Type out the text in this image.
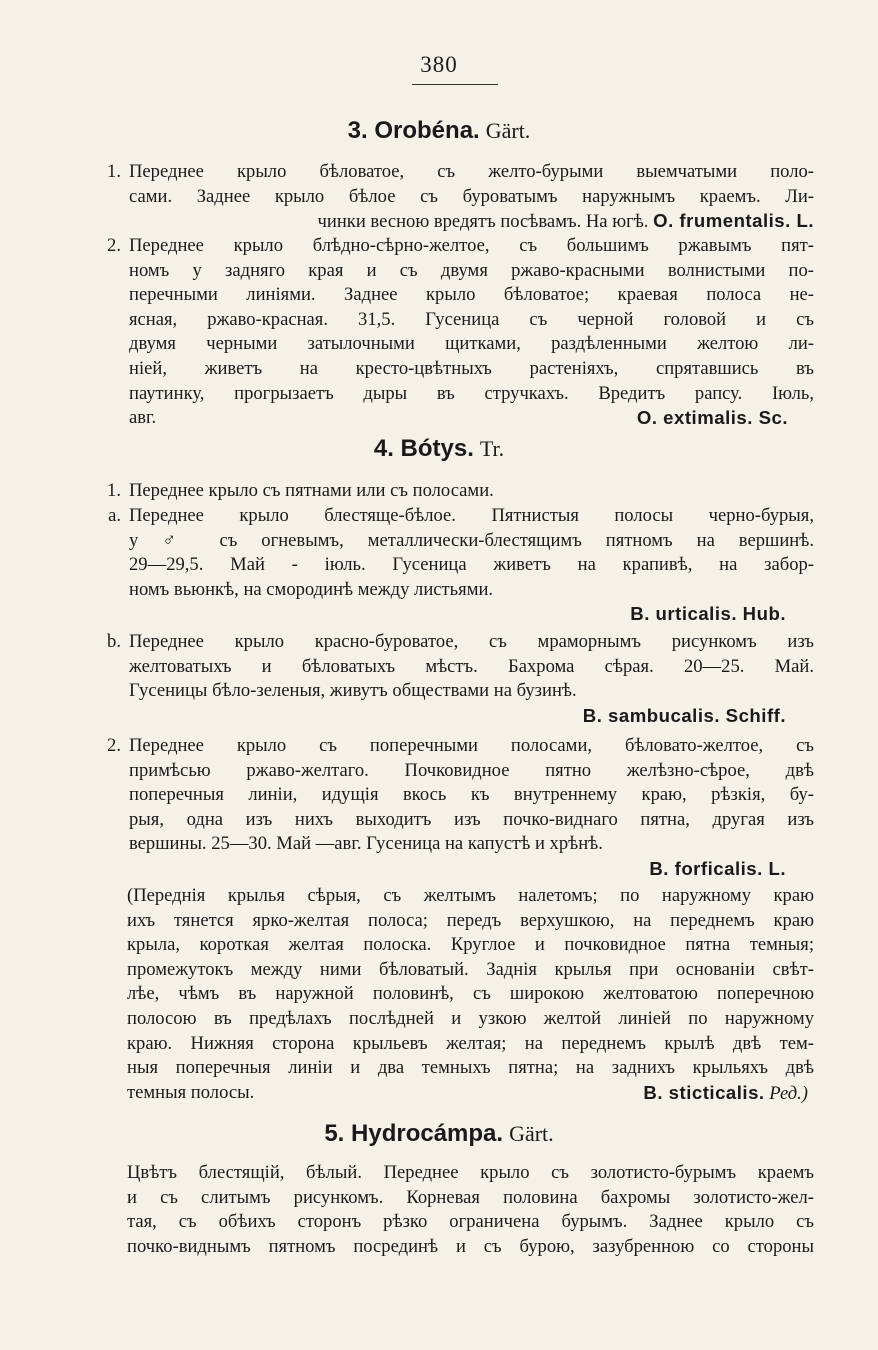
380
3. Orobéna. Gärt.
1. Переднее крыло бѣловатое, съ желто-бурыми выемчатыми поло-
сами. Заднее крыло бѣлое съ буроватымъ наружнымъ краемъ. Ли-
чинки весною вредятъ посѣвамъ. На югѣ. O. frumentalis. L.
2. Переднее крыло блѣдно-сѣрно-желтое, съ большимъ ржавымъ пят-
номъ у задняго края и съ двумя ржаво-красными волнистыми по-
перечными линіями. Заднее крыло бѣловатое; краевая полоса не-
ясная, ржаво-красная. 31,5. Гусеница съ черной головой и съ
двумя черными затылочными щитками, раздѣленными желтою ли-
ніей, живетъ на кресто-цвѣтныхъ растеніяхъ, спрятавшись въ
паутинку, прогрызаетъ дыры въ стручкахъ. Вредитъ рапсу. Іюль,
авг.	O. extimalis. Sc.
4. Bótys. Tr.
1. Переднее крыло съ пятнами или съ полосами.
a. Переднее крыло блестяще-бѣлое. Пятнистыя полосы черно-бурыя,
у ♂ съ огневымъ, металлически-блестящимъ пятномъ на вершинѣ.
29—29,5. Май - іюль. Гусеница живетъ на крапивѣ, на забор-
номъ вьюнкѣ, на смородинѣ между листьями.
B. urticalis. Hub.
b. Переднее крыло красно-буроватое, съ мраморнымъ рисункомъ изъ
желтоватыхъ и бѣловатыхъ мѣстъ. Бахрома сѣрая. 20—25. Май.
Гусеницы бѣло-зеленыя, живутъ обществами на бузинѣ.
B. sambucalis. Schiff.
2. Переднее крыло съ поперечными полосами, бѣловато-желтое, съ
примѣсью ржаво-желтаго. Почковидное пятно желѣзно-сѣрое, двѣ
поперечныя линіи, идущія вкось къ внутреннему краю, рѣзкія, бу-
рыя, одна изъ нихъ выходитъ изъ почко-виднаго пятна, другая изъ
вершины. 25—30. Май —авг. Гусеница на капустѣ и хрѣнѣ.
B. forficalis. L.
(Переднія крылья сѣрыя, съ желтымъ налетомъ; по наружному краю
ихъ тянется ярко-желтая полоса; передъ верхушкою, на переднемъ краю
крыла, короткая желтая полоска. Круглое и почковидное пятна темныя;
промежутокъ между ними бѣловатый. Заднія крылья при основаніи свѣт-
лѣе, чѣмъ въ наружной половинѣ, съ широкою желтоватою поперечною
полосою въ предѣлахъ послѣдней и узкою желтой линіей по наружному
краю. Нижняя сторона крыльевъ желтая; на переднемъ крылѣ двѣ тем-
ныя поперечныя линіи и два темныхъ пятна; на заднихъ крыльяхъ двѣ
темныя полосы.	B. sticticalis. Ред.)
5. Hydrocámpa. Gärt.
Цвѣтъ блестящій, бѣлый. Переднее крыло съ золотисто-бурымъ краемъ
и съ слитымъ рисункомъ. Корневая половина бахромы золотисто-жел-
тая, съ обѣихъ сторонъ рѣзко ограничена бурымъ. Заднее крыло съ
почко-виднымъ пятномъ посрединѣ и съ бурою, зазубренною со стороны
